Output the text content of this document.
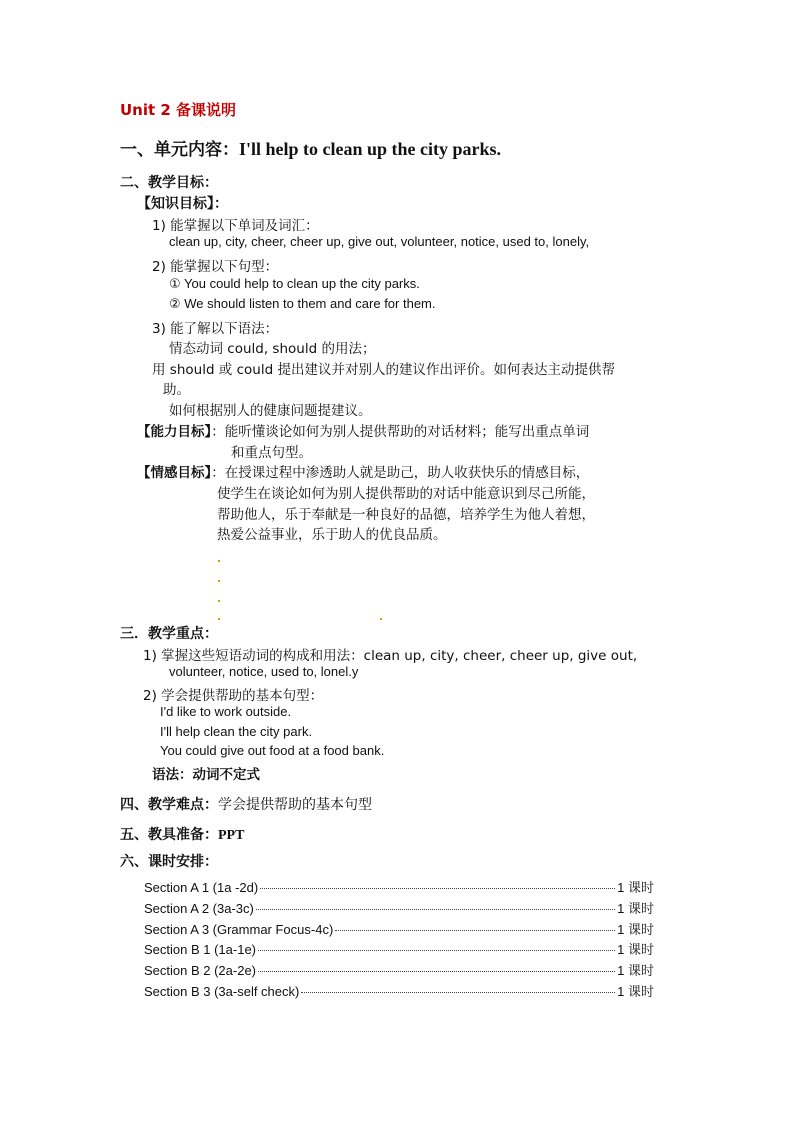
Unit 2 备课说明
一、单元内容：I'll help to clean up the city parks.
二、教学目标：
【知识目标】：
1) 能掌握以下单词及词汇：
clean up, city, cheer, cheer up, give out, volunteer, notice, used to, lonely,
2) 能掌握以下句型：
① You could help to clean up the city parks.
② We should listen to them and care for them.
3) 能了解以下语法：
情态动词 could, should 的用法；
用 should 或 could 提出建议并对别人的建议作出评价。如何表达主动提供帮
助。
如何根据别人的健康问题提建议。
【能力目标】：能听懂谈论如何为别人提供帮助的对话材料；能写出重点单词
和重点句型。
【情感目标】：在授课过程中渗透助人就是助己，助人收获快乐的情感目标，
使学生在谈论如何为别人提供帮助的对话中能意识到尽己所能，
帮助他人，乐于奉献是一种良好的品德，培养学生为他人着想，
热爱公益事业，乐于助人的优良品质。
三．教学重点：
1) 掌握这些短语动词的构成和用法：clean up, city, cheer, cheer up, give out,
volunteer, notice, used to, lonel.y
2) 学会提供帮助的基本句型：
I'd like to work outside.
I'll help clean the city park.
You could give out food at a food bank.
语法：动词不定式
四、教学难点：学会提供帮助的基本句型
五、教具准备：PPT
六、课时安排：
Section A 1 (1a -2d)	1 课时
Section A 2 (3a-3c)	1 课时
Section A 3 (Grammar Focus-4c)	1 课时
Section B 1 (1a-1e)	1 课时
Section B 2 (2a-2e)	1 课时
Section B 3 (3a-self check)	1 课时
